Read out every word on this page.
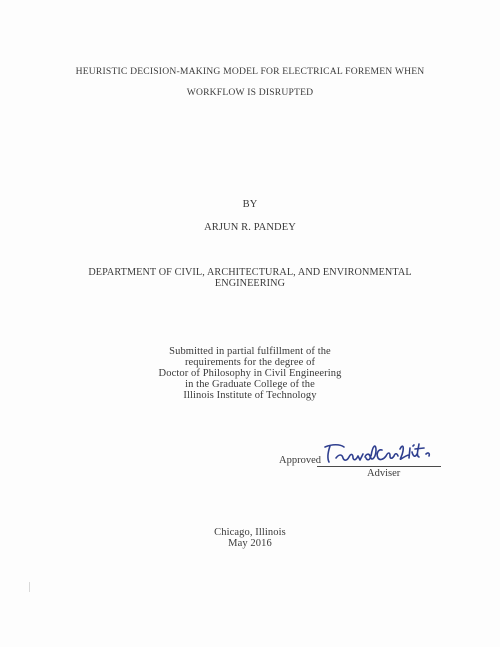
HEURISTIC DECISION-MAKING MODEL FOR ELECTRICAL FOREMEN WHEN
WORKFLOW IS DISRUPTED
BY
ARJUN R. PANDEY
DEPARTMENT OF CIVIL, ARCHITECTURAL, AND ENVIRONMENTAL
ENGINEERING
Submitted in partial fulfillment of the
requirements for the degree of
Doctor of Philosophy in Civil Engineering
in the Graduate College of the
Illinois Institute of Technology
Approved
Adviser
Chicago, Illinois
May 2016
